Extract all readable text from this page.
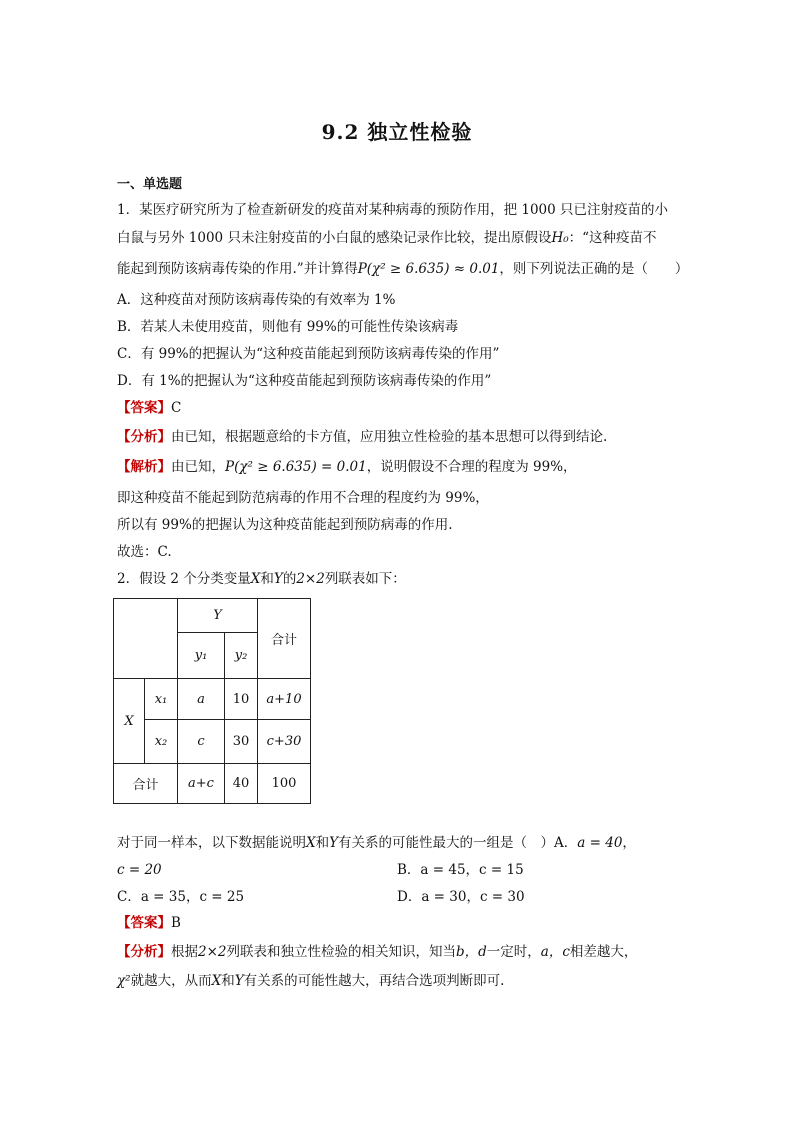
9.2 独立性检验
一、单选题
1．某医疗研究所为了检查新研发的疫苗对某种病毒的预防作用，把 1000 只已注射疫苗的小
白鼠与另外 1000 只未注射疫苗的小白鼠的感染记录作比较，提出原假设H₀：“这种疫苗不
能起到预防该病毒传染的作用.”并计算得P(χ² ≥ 6.635) ≈ 0.01，则下列说法正确的是（　　）
A．这种疫苗对预防该病毒传染的有效率为 1%
B．若某人未使用疫苗，则他有 99%的可能性传染该病毒
C．有 99%的把握认为“这种疫苗能起到预防该病毒传染的作用”
D．有 1%的把握认为“这种疫苗能起到预防该病毒传染的作用”
【答案】C
【分析】由已知，根据题意给的卡方值，应用独立性检验的基本思想可以得到结论.
【解析】由已知，P(χ² ≥ 6.635) = 0.01，说明假设不合理的程度为 99%，
即这种疫苗不能起到防范病毒的作用不合理的程度约为 99%，
所以有 99%的把握认为这种疫苗能起到预防病毒的作用.
故选：C.
2．假设 2 个分类变量X和Y的2×2列联表如下：
		Y		合计
		y₁	y₂	
X	x₁	a	10	a+10
	x₂	c	30	c+30
合计		a+c	40	100
对于同一样本，以下数据能说明X和Y有关系的可能性最大的一组是（　）A．a = 40，
c = 20	B．a = 45，c = 15
C．a = 35，c = 25	D．a = 30，c = 30
【答案】B
【分析】根据2×2列联表和独立性检验的相关知识，知当b，d一定时，a，c相差越大，
χ²就越大，从而X和Y有关系的可能性越大，再结合选项判断即可.
